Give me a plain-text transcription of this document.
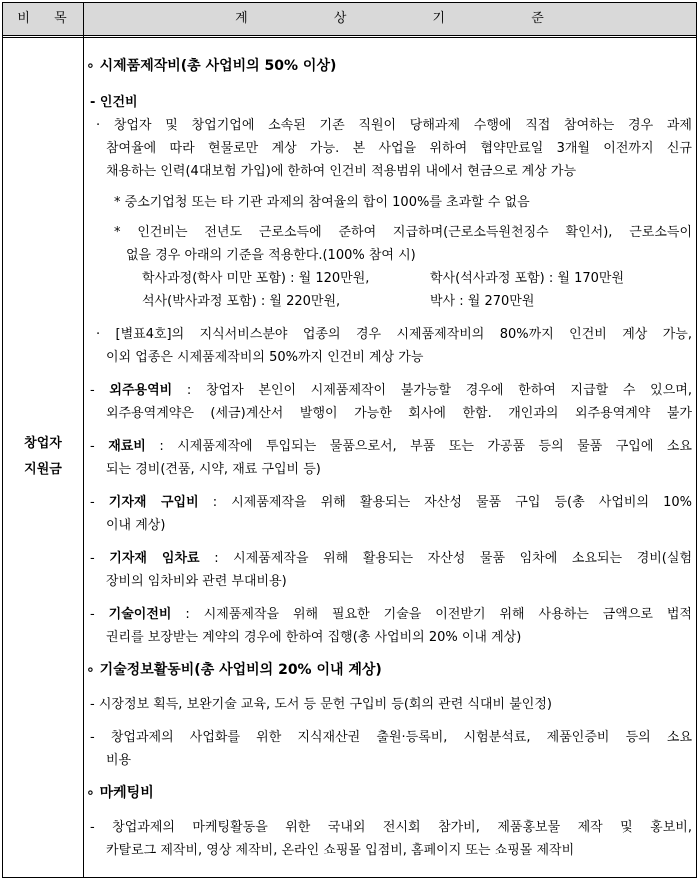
비 목	계 상 기 준
창업자
지원금
∘ 시제품제작비(총 사업비의 50% 이상)
- 인건비
· 창업자 및 창업기업에 소속된 기존 직원이 당해과제 수행에 직접 참여하는 경우 과제
참여율에 따라 현물로만 계상 가능. 본 사업을 위하여 협약만료일 3개월 이전까지 신규
채용하는 인력(4대보험 가입)에 한하여 인건비 적용범위 내에서 현금으로 계상 가능
* 중소기업청 또는 타 기관 과제의 참여율의 합이 100%를 초과할 수 없음
* 인건비는 전년도 근로소득에 준하여 지급하며(근로소득원천징수 확인서), 근로소득이
없을 경우 아래의 기준을 적용한다.(100% 참여 시)
학사과정(학사 미만 포함) : 월 120만원,	학사(석사과정 포함) : 월 170만원
석사(박사과정 포함) : 월 220만원,	박사 : 월 270만원
· [별표4호]의 지식서비스분야 업종의 경우 시제품제작비의 80%까지 인건비 계상 가능,
이외 업종은 시제품제작비의 50%까지 인건비 계상 가능
- 외주용역비 : 창업자 본인이 시제품제작이 불가능할 경우에 한하여 지급할 수 있으며,
외주용역계약은 (세금)계산서 발행이 가능한 회사에 한함. 개인과의 외주용역계약 불가
- 재료비 : 시제품제작에 투입되는 물품으로서, 부품 또는 가공품 등의 물품 구입에 소요
되는 경비(견품, 시약, 재료 구입비 등)
- 기자재 구입비 : 시제품제작을 위해 활용되는 자산성 물품 구입 등(총 사업비의 10%
이내 계상)
- 기자재 임차료 : 시제품제작을 위해 활용되는 자산성 물품 임차에 소요되는 경비(실험
장비의 임차비와 관련 부대비용)
- 기술이전비 : 시제품제작을 위해 필요한 기술을 이전받기 위해 사용하는 금액으로 법적
권리를 보장받는 계약의 경우에 한하여 집행(총 사업비의 20% 이내 계상)
∘ 기술정보활동비(총 사업비의 20% 이내 계상)
- 시장정보 획득, 보완기술 교육, 도서 등 문헌 구입비 등(회의 관련 식대비 불인정)
- 창업과제의 사업화를 위한 지식재산권 출원·등록비, 시험분석료, 제품인증비 등의 소요
비용
∘ 마케팅비
- 창업과제의 마케팅활동을 위한 국내외 전시회 참가비, 제품홍보물 제작 및 홍보비,
카탈로그 제작비, 영상 제작비, 온라인 쇼핑몰 입점비, 홈페이지 또는 쇼핑몰 제작비
